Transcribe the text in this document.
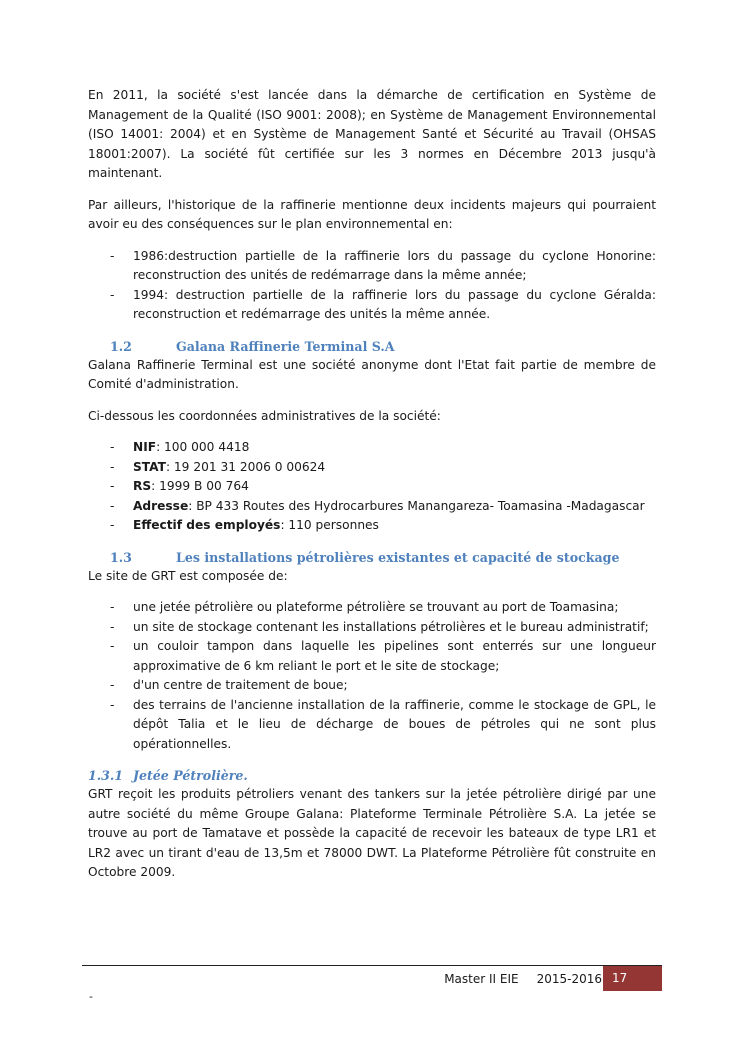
En 2011, la société s'est lancée dans la démarche de certification en Système de Management de la Qualité (ISO 9001: 2008); en Système de Management Environnemental (ISO 14001: 2004) et en Système de Management Santé et Sécurité au Travail (OHSAS 18001:2007). La société fût certifiée sur les 3 normes en Décembre 2013 jusqu'à maintenant.

Par ailleurs, l'historique de la raffinerie mentionne deux incidents majeurs qui pourraient avoir eu des conséquences sur le plan environnemental en:

- 1986:destruction partielle de la raffinerie lors du passage du cyclone Honorine: reconstruction des unités de redémarrage dans la même année;
- 1994: destruction partielle de la raffinerie lors du passage du cyclone Géralda: reconstruction et redémarrage des unités la même année.
1.2	Galana Raffinerie Terminal S.A

Galana Raffinerie Terminal est une société anonyme dont l'Etat fait partie de membre de Comité d'administration.

Ci-dessous les coordonnées administratives de la société:

- NIF: 100 000 4418
- STAT: 19 201 31 2006 0 00624
- RS: 1999 B 00 764
- Adresse: BP 433 Routes des Hydrocarbures Manangareza- Toamasina -Madagascar
- Effectif des employés: 110 personnes
1.3	Les installations pétrolières existantes et capacité de stockage

Le site de GRT est composée de:

- une jetée pétrolière ou plateforme pétrolière se trouvant au port de Toamasina;
- un site de stockage contenant les installations pétrolières et le bureau administratif;
- un couloir tampon dans laquelle les pipelines sont enterrés sur une longueur approximative de 6 km reliant le port et le site de stockage;
- d'un centre de traitement de boue;
- des terrains de l'ancienne installation de la raffinerie, comme le stockage de GPL, le dépôt Talia et le lieu de décharge de boues de pétroles qui ne sont plus opérationnelles.
1.3.1 Jetée Pétrolière.

GRT reçoit les produits pétroliers venant des tankers sur la jetée pétrolière dirigé par une autre société du même Groupe Galana: Plateforme Terminale Pétrolière S.A. La jetée se trouve au port de Tamatave et possède la capacité de recevoir les bateaux de type LR1 et LR2 avec un tirant d'eau de 13,5m et 78000 DWT. La Plateforme Pétrolière fût construite en Octobre 2009.

Master II EIE 2015-2016 17
-
